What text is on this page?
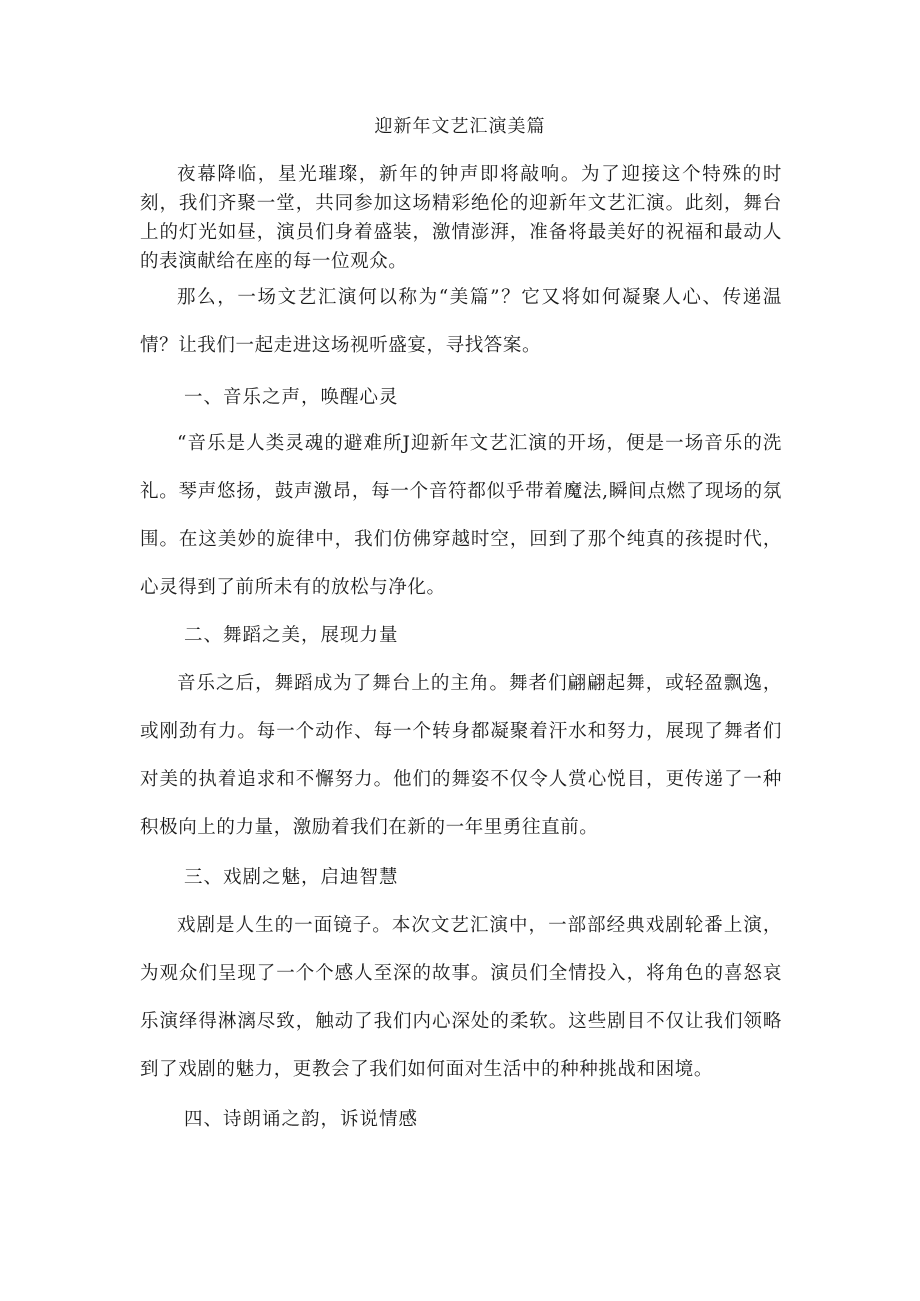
迎新年文艺汇演美篇

夜幕降临，星光璀璨，新年的钟声即将敲响。为了迎接这个特殊的时刻，我们齐聚一堂，共同参加这场精彩绝伦的迎新年文艺汇演。此刻，舞台上的灯光如昼，演员们身着盛装，激情澎湃，准备将最美好的祝福和最动人的表演献给在座的每一位观众。

那么，一场文艺汇演何以称为“美篇”？它又将如何凝聚人心、传递温情？让我们一起走进这场视听盛宴，寻找答案。

一、音乐之声，唤醒心灵

“音乐是人类灵魂的避难所J迎新年文艺汇演的开场，便是一场音乐的洗礼。琴声悠扬，鼓声激昂，每一个音符都似乎带着魔法,瞬间点燃了现场的氛围。在这美妙的旋律中，我们仿佛穿越时空，回到了那个纯真的孩提时代，心灵得到了前所未有的放松与净化。

二、舞蹈之美，展现力量

音乐之后，舞蹈成为了舞台上的主角。舞者们翩翩起舞，或轻盈飘逸，或刚劲有力。每一个动作、每一个转身都凝聚着汗水和努力，展现了舞者们对美的执着追求和不懈努力。他们的舞姿不仅令人赏心悦目，更传递了一种积极向上的力量，激励着我们在新的一年里勇往直前。

三、戏剧之魅，启迪智慧

戏剧是人生的一面镜子。本次文艺汇演中，一部部经典戏剧轮番上演，为观众们呈现了一个个感人至深的故事。演员们全情投入，将角色的喜怒哀乐演绎得淋漓尽致，触动了我们内心深处的柔软。这些剧目不仅让我们领略到了戏剧的魅力，更教会了我们如何面对生活中的种种挑战和困境。

四、诗朗诵之韵，诉说情感
